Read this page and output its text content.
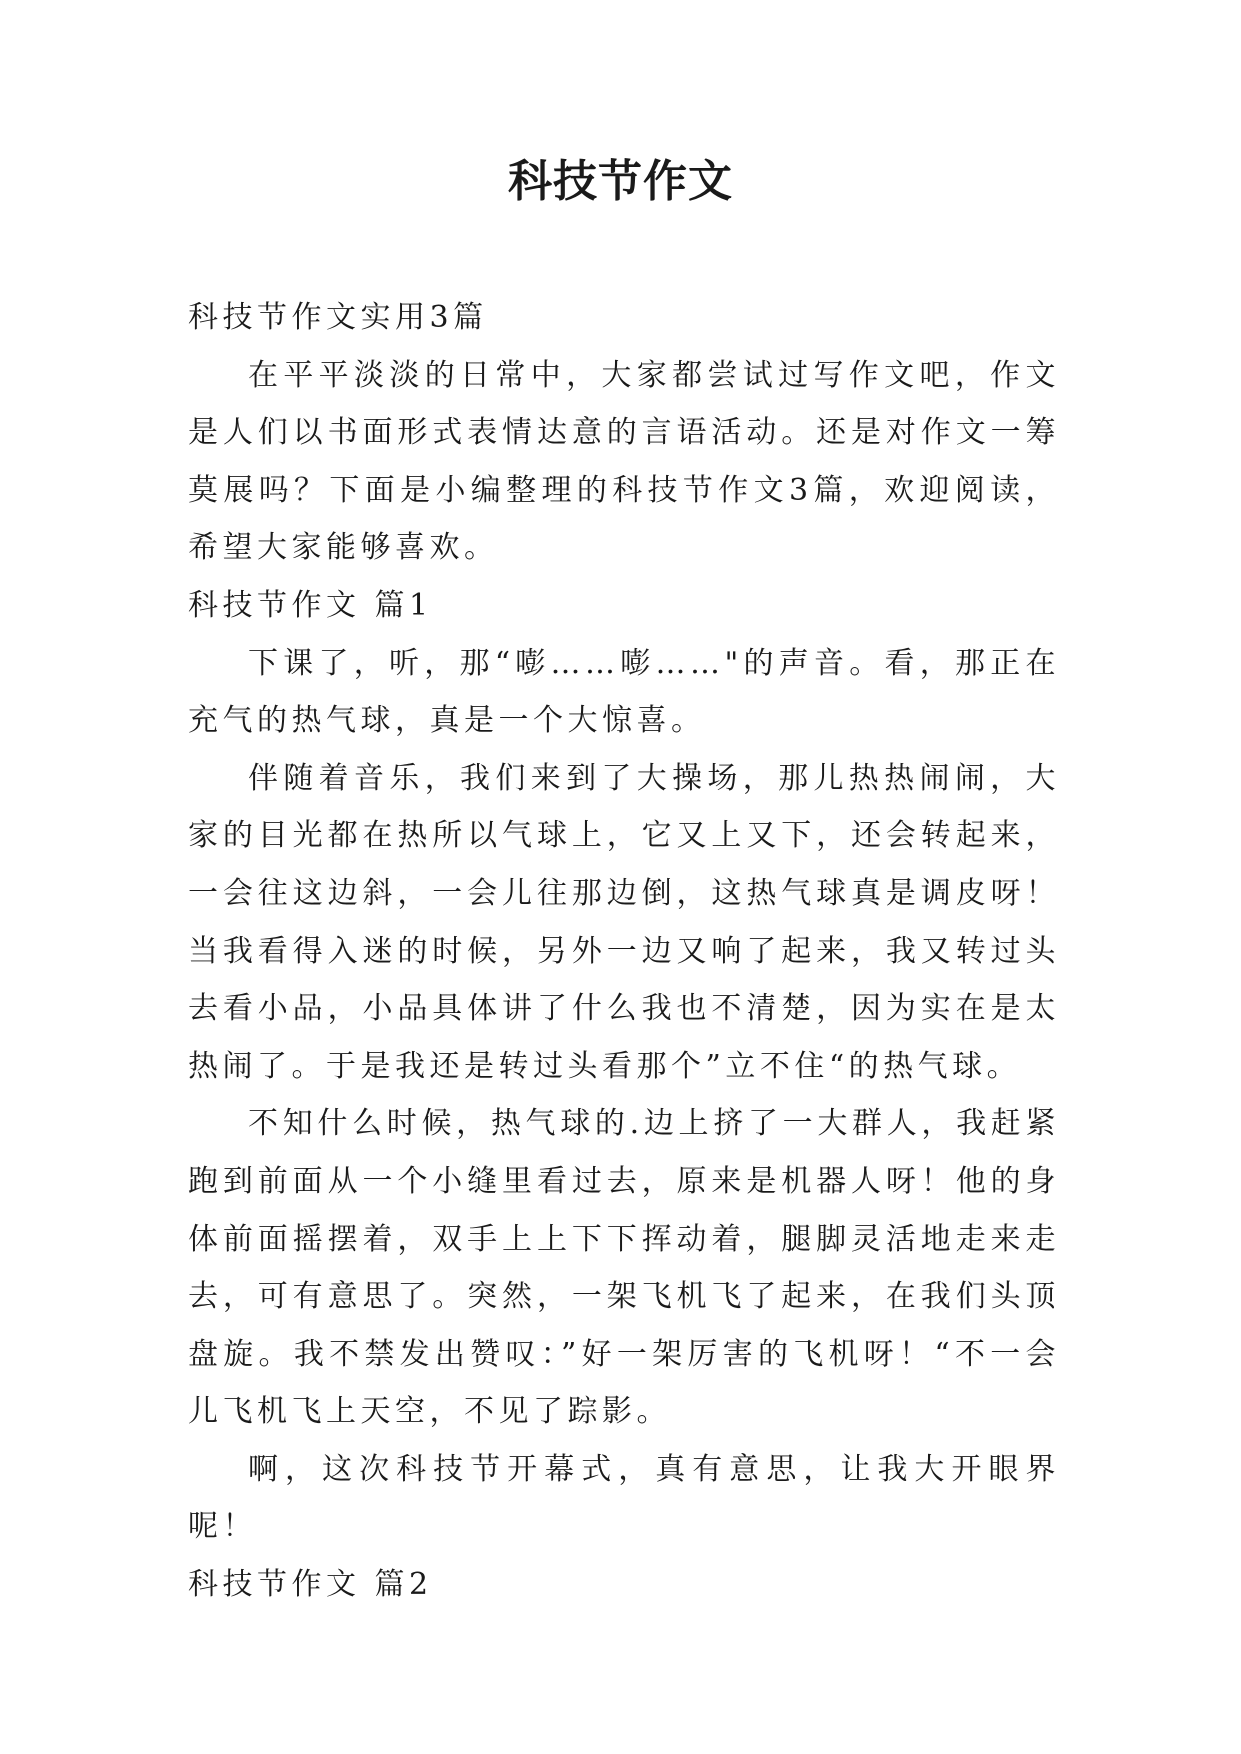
科技节作文

科技节作文实用3篇

在平平淡淡的日常中，大家都尝试过写作文吧，作文是人们以书面形式表情达意的言语活动。还是对作文一筹莫展吗？下面是小编整理的科技节作文3篇，欢迎阅读，希望大家能够喜欢。

科技节作文 篇1

下课了，听，那“嘭……嘭……"的声音。看，那正在充气的热气球，真是一个大惊喜。

伴随着音乐，我们来到了大操场，那儿热热闹闹，大家的目光都在热所以气球上，它又上又下，还会转起来，一会往这边斜，一会儿往那边倒，这热气球真是调皮呀！当我看得入迷的时候，另外一边又响了起来，我又转过头去看小品，小品具体讲了什么我也不清楚，因为实在是太热闹了。于是我还是转过头看那个”立不住“的热气球。

不知什么时候，热气球的.边上挤了一大群人，我赶紧跑到前面从一个小缝里看过去，原来是机器人呀！他的身体前面摇摆着，双手上上下下挥动着，腿脚灵活地走来走去，可有意思了。突然，一架飞机飞了起来，在我们头顶盘旋。我不禁发出赞叹：”好一架厉害的飞机呀！“不一会儿飞机飞上天空，不见了踪影。

啊，这次科技节开幕式，真有意思，让我大开眼界呢！

科技节作文 篇2
